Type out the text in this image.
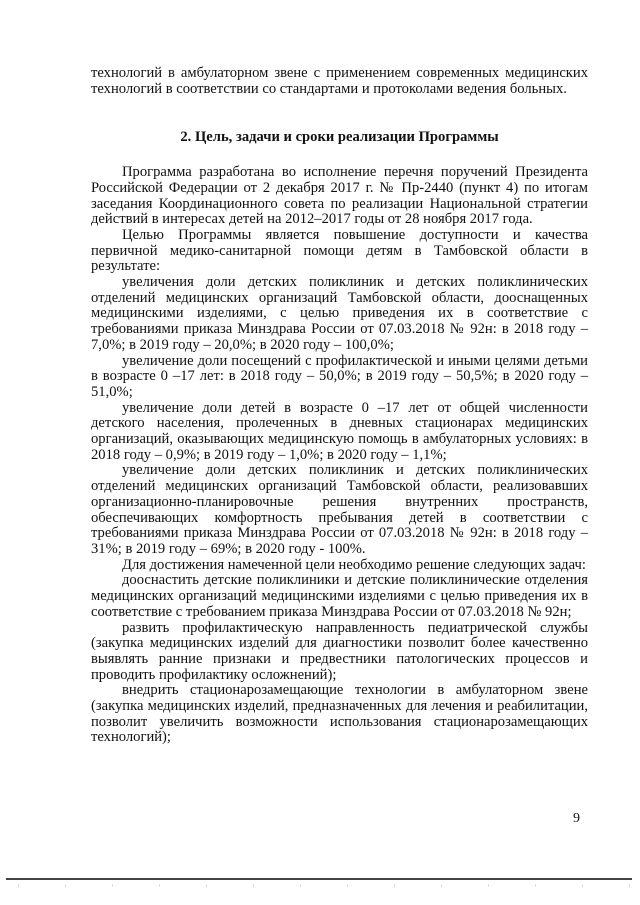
технологий в амбулаторном звене с применением современных медицинских технологий в соответствии со стандартами и протоколами ведения больных.

2. Цель, задачи и сроки реализации Программы

Программа разработана во исполнение перечня поручений Президента Российской Федерации от 2 декабря 2017 г. № Пр-2440 (пункт 4) по итогам заседания Координационного совета по реализации Национальной стратегии действий в интересах детей на 2012–2017 годы от 28 ноября 2017 года.

Целью Программы является повышение доступности и качества первичной медико-санитарной помощи детям в Тамбовской области в результате:

увеличения доли детских поликлиник и детских поликлинических отделений медицинских организаций Тамбовской области, дооснащенных медицинскими изделиями, с целью приведения их в соответствие с требованиями приказа Минздрава России от 07.03.2018 № 92н: в 2018 году – 7,0%; в 2019 году – 20,0%; в 2020 году – 100,0%;

увеличение доли посещений с профилактической и иными целями детьми в возрасте 0 –17 лет: в 2018 году – 50,0%; в 2019 году – 50,5%; в 2020 году – 51,0%;

увеличение доли детей в возрасте 0 –17 лет от общей численности детского населения, пролеченных в дневных стационарах медицинских организаций, оказывающих медицинскую помощь в амбулаторных условиях: в 2018 году – 0,9%; в 2019 году – 1,0%; в 2020 году – 1,1%;

увеличение доли детских поликлиник и детских поликлинических отделений медицинских организаций Тамбовской области, реализовавших организационно-планировочные решения внутренних пространств, обеспечивающих комфортность пребывания детей в соответствии с требованиями приказа Минздрава России от 07.03.2018 № 92н: в 2018 году – 31%; в 2019 году – 69%; в 2020 году - 100%.

Для достижения намеченной цели необходимо решение следующих задач:

дооснастить детские поликлиники и детские поликлинические отделения медицинских организаций медицинскими изделиями с целью приведения их в соответствие с требованием приказа Минздрава России от 07.03.2018 № 92н;

развить профилактическую направленность педиатрической службы (закупка медицинских изделий для диагностики позволит более качественно выявлять ранние признаки и предвестники патологических процессов и проводить профилактику осложнений);

внедрить стационарозамещающие технологии в амбулаторном звене (закупка медицинских изделий, предназначенных для лечения и реабилитации, позволит увеличить возможности использования стационарозамещающих технологий);

9
